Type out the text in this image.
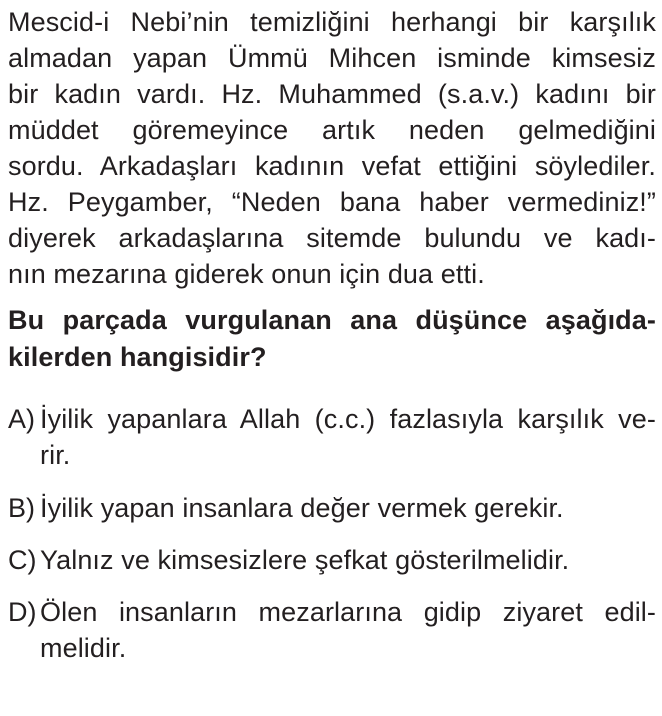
Mescid-i Nebi’nin temizliğini herhangi bir karşılık
almadan yapan Ümmü Mihcen isminde kimsesiz
bir kadın vardı. Hz. Muhammed (s.a.v.) kadını bir
müddet göremeyince artık neden gelmediğini
sordu. Arkadaşları kadının vefat ettiğini söylediler.
Hz. Peygamber, “Neden bana haber vermediniz!”
diyerek arkadaşlarına sitemde bulundu ve kadı-
nın mezarına giderek onun için dua etti.
Bu parçada vurgulanan ana düşünce aşağıda-
kilerden hangisidir?
A) İyilik yapanlara Allah (c.c.) fazlasıyla karşılık ve-
rir.
B) İyilik yapan insanlara değer vermek gerekir.
C) Yalnız ve kimsesizlere şefkat gösterilmelidir.
D) Ölen insanların mezarlarına gidip ziyaret edil-
melidir.
